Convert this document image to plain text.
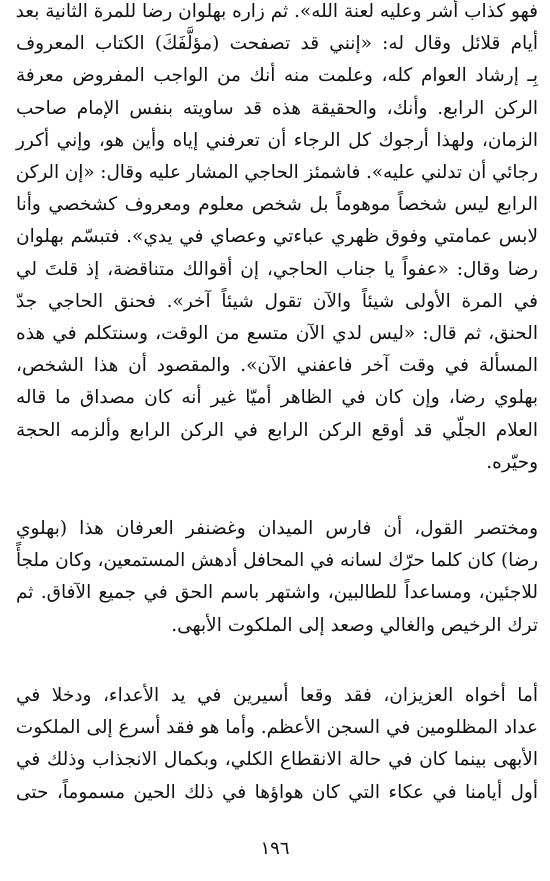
فهو كذاب أشر وعليه لعنة الله». ثم زاره بهلوان رضا للمرة الثانية بعد
أيام قلائل وقال له: «إنني قد تصفحت (مؤلَّفَكَ) الكتاب المعروف
بِـ إرشاد العوام كله، وعلمت منه أنك من الواجب المفروض معرفة
الركن الرابع. وأنك، والحقيقة هذه قد ساويته بنفس الإمام صاحب
الزمان، ولهذا أرجوك كل الرجاء أن تعرفني إياه وأين هو، وإني أكرر
رجائي أن تدلني عليه». فاشمئز الحاجي المشار عليه وقال: «إن الركن
الرابع ليس شخصاً موهوماً بل شخص معلوم ومعروف كشخصي وأنا
لابس عمامتي وفوق ظهري عباءتي وعصاي في يدي». فتبسّم بهلوان
رضا وقال: «عفواً يا جناب الحاجي، إن أقوالك متناقضة، إذ قلتَ لي
في المرة الأولى شيئاً والآن تقول شيئاً آخر». فحنق الحاجي جدّ
الحنق، ثم قال: «ليس لدي الآن متسع من الوقت، وسنتكلم في هذه
المسألة في وقت آخر فاعفني الآن». والمقصود أن هذا الشخص،
بهلوي رضا، وإن كان في الظاهر أميّا غير أنه كان مصداق ما قاله
العلام الجلّي قد أوقع الركن الرابع في الركن الرابع وألزمه الحجة
وحيّره.
ومختصر القول، أن فارس الميدان وغضنفر العرفان هذا (بهلوي
رضا) كان كلما حرّك لسانه في المحافل أدهش المستمعين، وكان ملجأً
للاجئين، ومساعداً للطالبين، واشتهر باسم الحق في جميع الآفاق. ثم
ترك الرخيص والغالي وصعد إلى الملكوت الأبهى.
أما أخواه العزيزان، فقد وقعا أسيرين في يد الأعداء، ودخلا في
عداد المظلومين في السجن الأعظم. وأما هو فقد أسرع إلى الملكوت
الأبهى بينما كان في حالة الانقطاع الكلي، وبكمال الانجذاب وذلك في
أول أيامنا في عكاء التي كان هواؤها في ذلك الحين مسموماً، حتى
١٩٦
